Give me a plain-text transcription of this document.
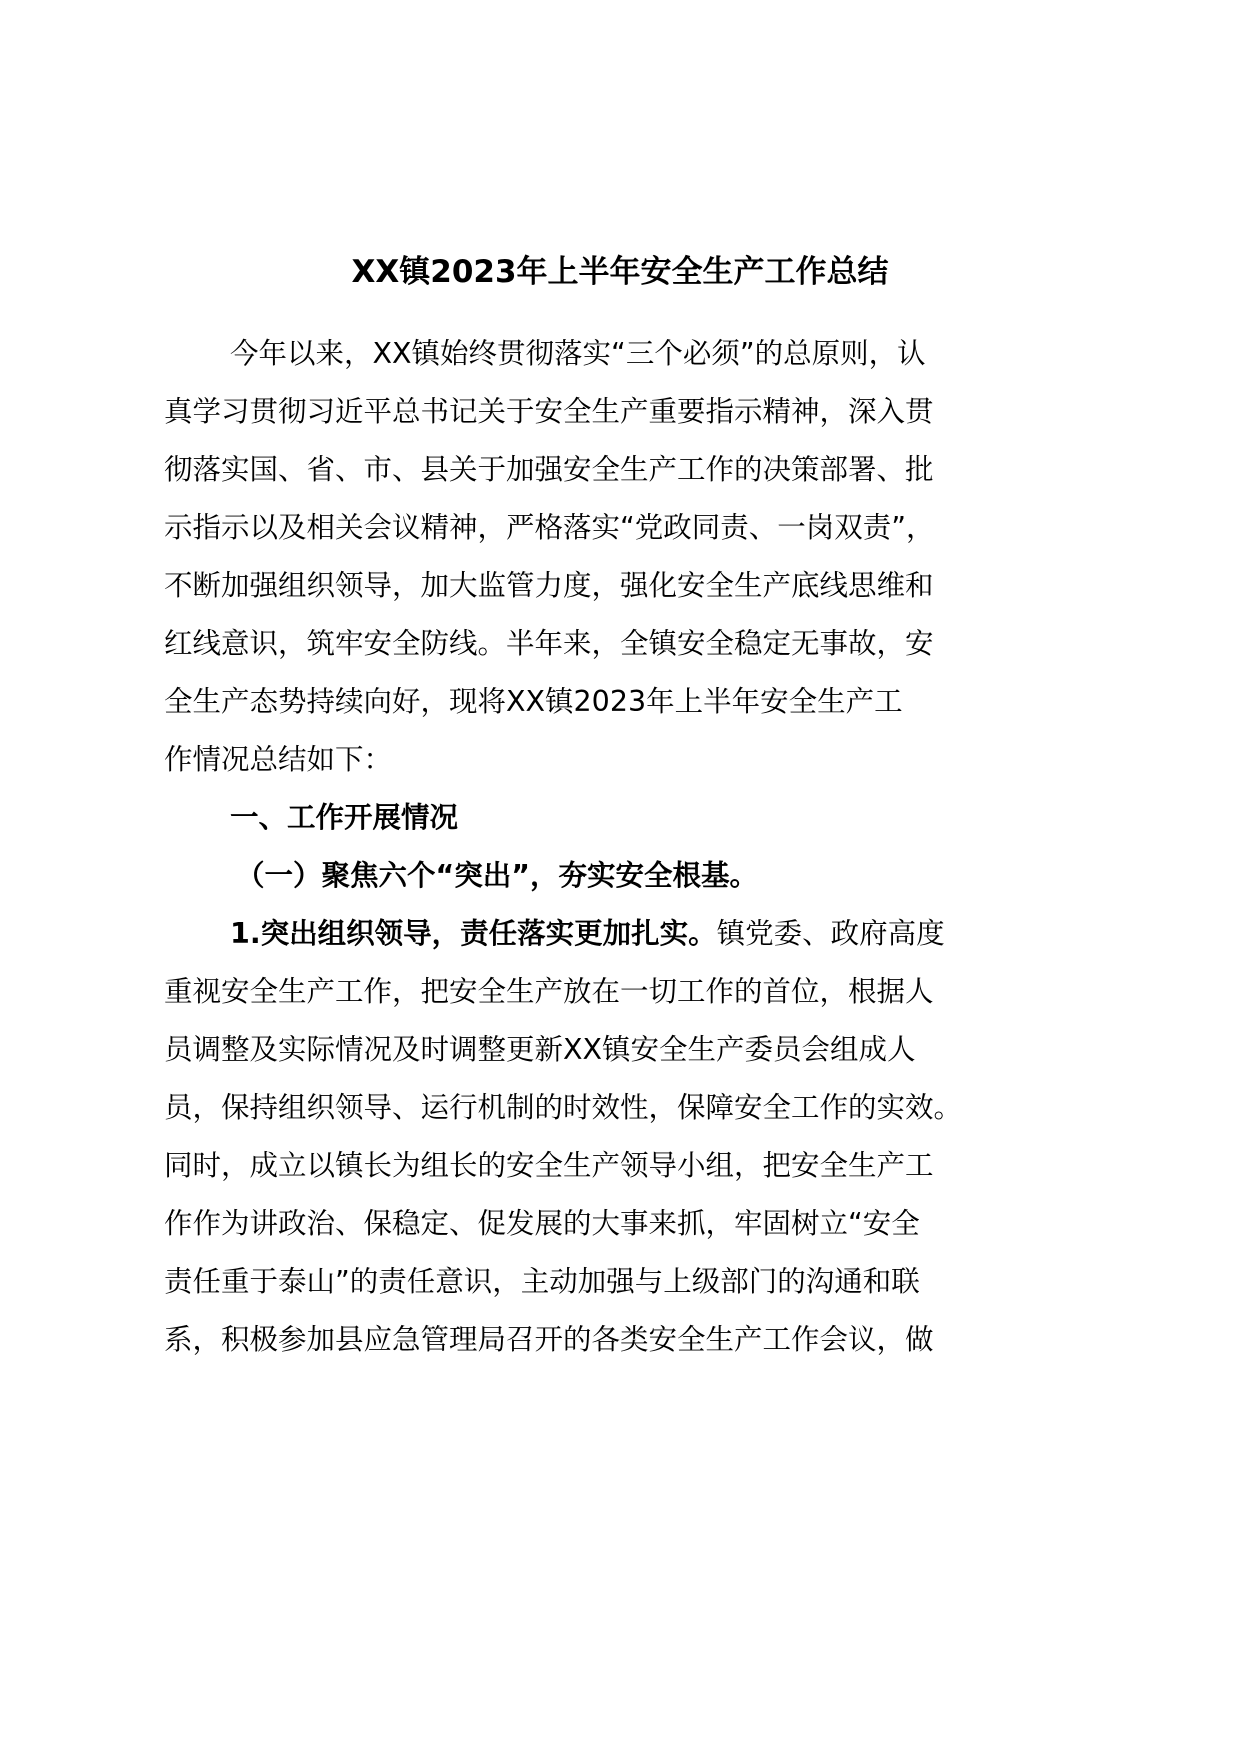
XX镇2023年上半年安全生产工作总结
今年以来，XX镇始终贯彻落实“三个必须”的总原则，认
真学习贯彻习近平总书记关于安全生产重要指示精神，深入贯
彻落实国、省、市、县关于加强安全生产工作的决策部署、批
示指示以及相关会议精神，严格落实“党政同责、一岗双责”，
不断加强组织领导，加大监管力度，强化安全生产底线思维和
红线意识，筑牢安全防线。半年来，全镇安全稳定无事故，安
全生产态势持续向好，现将XX镇2023年上半年安全生产工
作情况总结如下：
一、工作开展情况
（一）聚焦六个“突出”，夯实安全根基。
1.突出组织领导，责任落实更加扎实。镇党委、政府高度
重视安全生产工作，把安全生产放在一切工作的首位，根据人
员调整及实际情况及时调整更新XX镇安全生产委员会组成人
员，保持组织领导、运行机制的时效性，保障安全工作的实效。
同时，成立以镇长为组长的安全生产领导小组，把安全生产工
作作为讲政治、保稳定、促发展的大事来抓，牢固树立“安全
责任重于泰山”的责任意识，主动加强与上级部门的沟通和联
系，积极参加县应急管理局召开的各类安全生产工作会议，做
